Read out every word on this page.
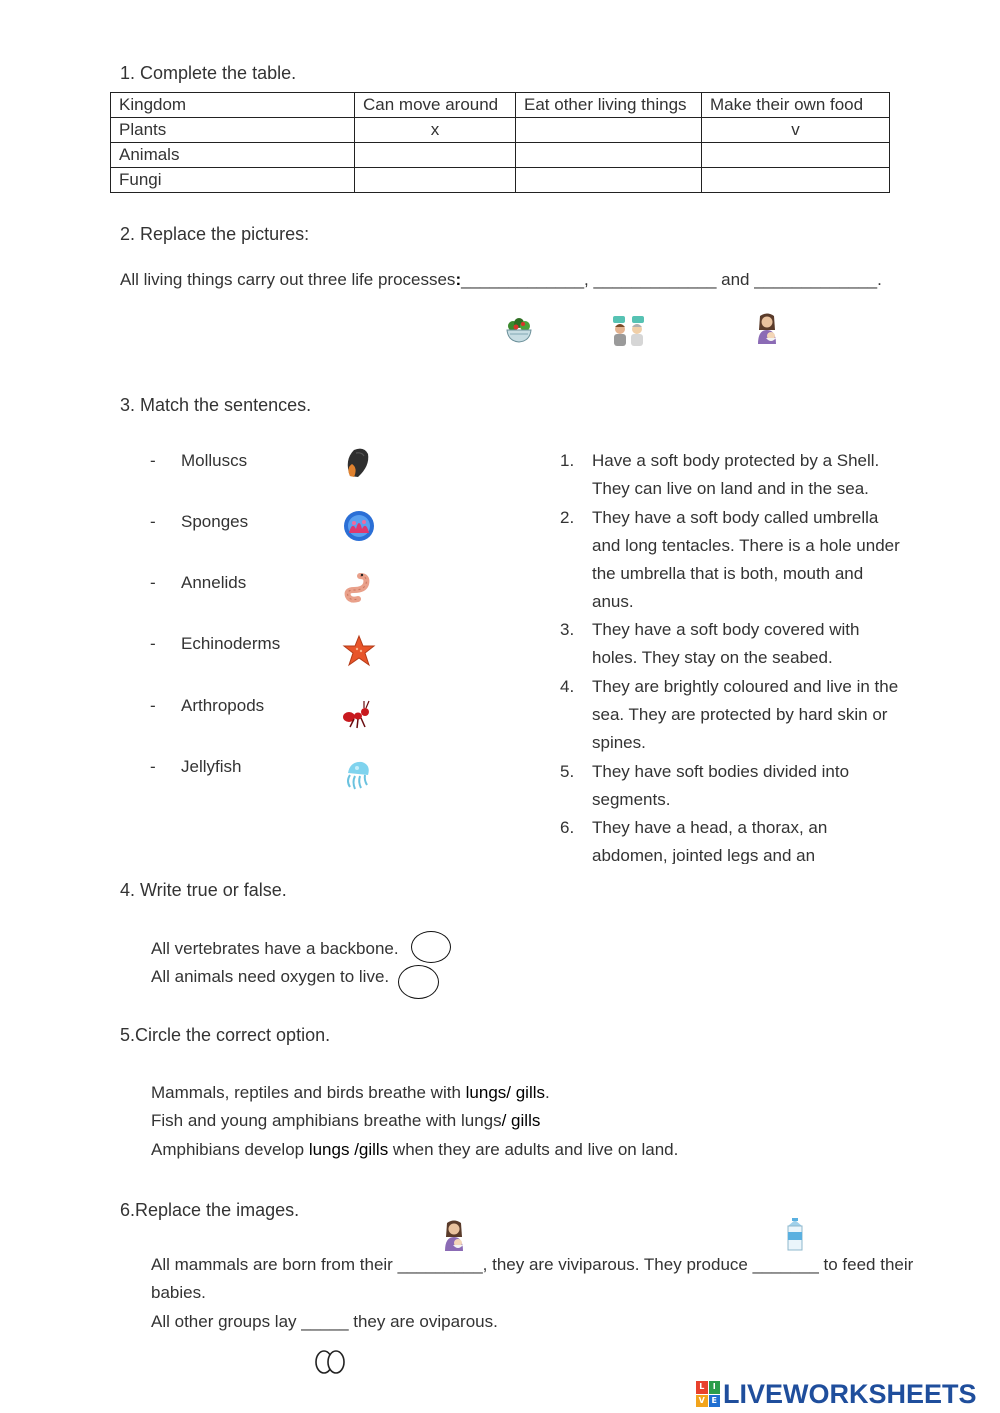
1. Complete the table.
Kingdom	Can move around	Eat other living things	Make their own food
Plants	x		v
Animals			
Fungi			
2. Replace the pictures:
All living things carry out three life processes:_____________, _____________ and _____________.
3. Match the sentences.
- Molluscs
- Sponges
- Annelids
- Echinoderms
- Arthropods
- Jellyfish
1.	Have a soft body protected by a Shell.
They can live on land and in the sea.
2.	They have a soft body called umbrella
and long tentacles. There is a hole under
the umbrella that is both, mouth and
anus.
3.	They have a soft body covered with
holes. They stay on the seabed.
4.	They are brightly coloured and live in the
sea. They are protected by hard skin or
spines.
5.	They have soft bodies divided into
segments.
6.	They have a head, a thorax, an
abdomen, jointed legs and an
4. Write true or false.
All vertebrates have a backbone.
All animals need oxygen to live.
5.Circle the correct option.
Mammals, reptiles and birds breathe with lungs/ gills.
Fish and young amphibians breathe with lungs/ gills
Amphibians develop lungs /gills when they are adults and live on land.
6.Replace the images.
All mammals are born from their _________, they are viviparous. They produce _______ to feed their
babies.
All other groups lay _____ they are oviparous.
L	I
V E LIVEWORKSHEETS
